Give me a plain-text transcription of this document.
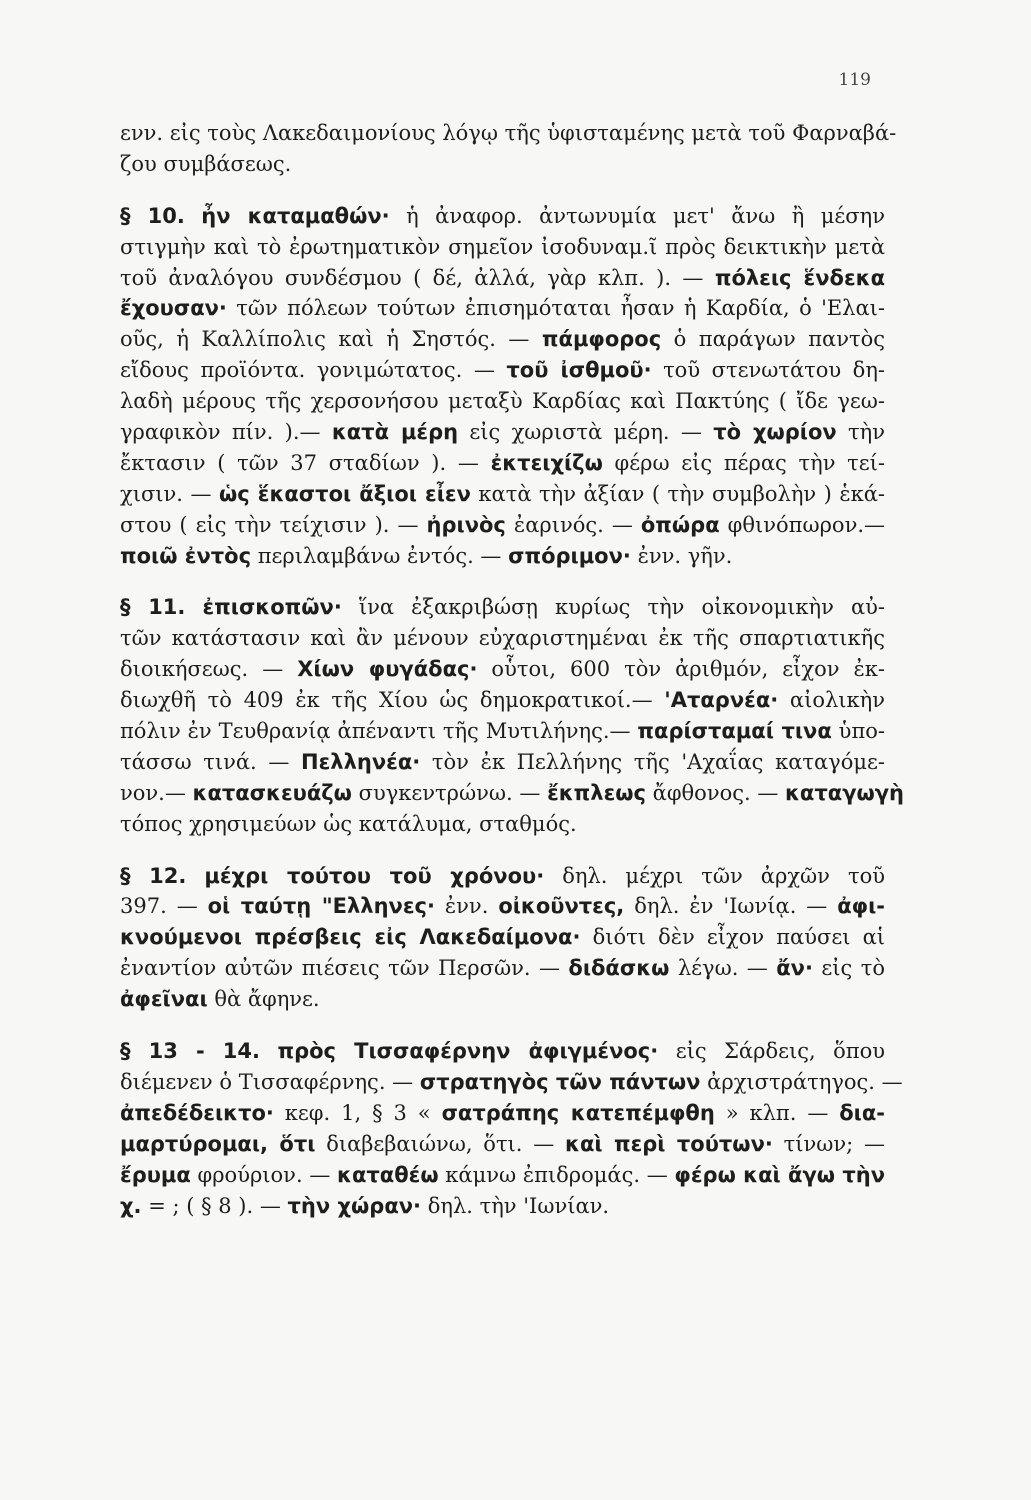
119
ενν. εἰς τοὺς Λακεδαιμονίους λόγῳ τῆς ὑφισταμένης μετὰ τοῦ Φαρναβά-
ζου συμβάσεως.
§ 10. ἦν καταμαθών· ἡ ἀναφορ. ἀντωνυμία μετ' ἄνω ἢ μέσην
στιγμὴν καὶ τὸ ἐρωτηματικὸν σημεῖον ἰσοδυναμ.ῖ πρὸς δεικτικὴν μετὰ
τοῦ ἀναλόγου συνδέσμου ( δέ, ἀλλά, γὰρ κλπ. ). — πόλεις ἕνδεκα
ἔχουσαν· τῶν πόλεων τούτων ἐπισημόταται ἦσαν ἡ Καρδία, ὁ 'Ελαι-
οῦς, ἡ Καλλίπολις καὶ ἡ Σηστός. — πάμφορος ὁ παράγων παντὸς
εἴδους προϊόντα. γονιμώτατος. — τοῦ ἰσθμοῦ· τοῦ στενωτάτου δη-
λαδὴ μέρους τῆς χερσονήσου μεταξὺ Καρδίας καὶ Πακτύης ( ἴδε γεω-
γραφικὸν πίν. ).— κατὰ μέρη εἰς χωριστὰ μέρη. — τὸ χωρίον τὴν
ἔκτασιν ( τῶν 37 σταδίων ). — ἐκτειχίζω φέρω εἰς πέρας τὴν τεί-
χισιν. — ὡς ἕκαστοι ἄξιοι εἶεν κατὰ τὴν ἀξίαν ( τὴν συμβολὴν ) ἑκά-
στου ( εἰς τὴν τείχισιν ). — ἠρινὸς ἐαρινός. — ὀπώρα φθινόπωρον.—
ποιῶ ἐντὸς περιλαμβάνω ἐντός. — σπόριμον· ἐνν. γῆν.
§ 11. ἐπισκοπῶν· ἵνα ἐξακριβώσῃ κυρίως τὴν οἰκονομικὴν αὐ-
τῶν κατάστασιν καὶ ἂν μένουν εὐχαριστημέναι ἐκ τῆς σπαρτιατικῆς
διοικήσεως. — Χίων φυγάδας· οὗτοι, 600 τὸν ἀριθμόν, εἶχον ἐκ-
διωχθῆ τὸ 409 ἐκ τῆς Χίου ὡς δημοκρατικοί.— 'Αταρνέα· αἰολικὴν
πόλιν ἐν Τευθρανίᾳ ἀπέναντι τῆς Μυτιλήνης.— παρίσταμαί τινα ὑπο-
τάσσω τινά. — Πελληνέα· τὸν ἐκ Πελλήνης τῆς 'Αχαΐας καταγόμε-
νον.— κατασκευάζω συγκεντρώνω. — ἔκπλεως ἄφθονος. — καταγωγὴ
τόπος χρησιμεύων ὡς κατάλυμα, σταθμός.
§ 12. μέχρι τούτου τοῦ χρόνου· δηλ. μέχρι τῶν ἀρχῶν τοῦ
397. — οἱ ταύτῃ "Ελληνες· ἐνν. οἰκοῦντες, δηλ. ἐν 'Ιωνίᾳ. — ἀφι-
κνούμενοι πρέσβεις εἰς Λακεδαίμονα· διότι δὲν εἶχον παύσει αἱ
ἐναντίον αὐτῶν πιέσεις τῶν Περσῶν. — διδάσκω λέγω. — ἄν· εἰς τὸ
ἀφεῖναι θὰ ἄφηνε.
§ 13 - 14. πρὸς Τισσαφέρνην ἀφιγμένος· εἰς Σάρδεις, ὅπου
διέμενεν ὁ Τισσαφέρνης. — στρατηγὸς τῶν πάντων ἀρχιστράτηγος. —
ἀπεδέδεικτο· κεφ. 1, § 3 « σατράπης κατεπέμφθη » κλπ. — δια-
μαρτύρομαι, ὅτι διαβεβαιώνω, ὅτι. — καὶ περὶ τούτων· τίνων; —
ἔρυμα φρούριον. — καταθέω κάμνω ἐπιδρομάς. — φέρω καὶ ἄγω τὴν
χ. = ; ( § 8 ). — τὴν χώραν· δηλ. τὴν 'Ιωνίαν.
